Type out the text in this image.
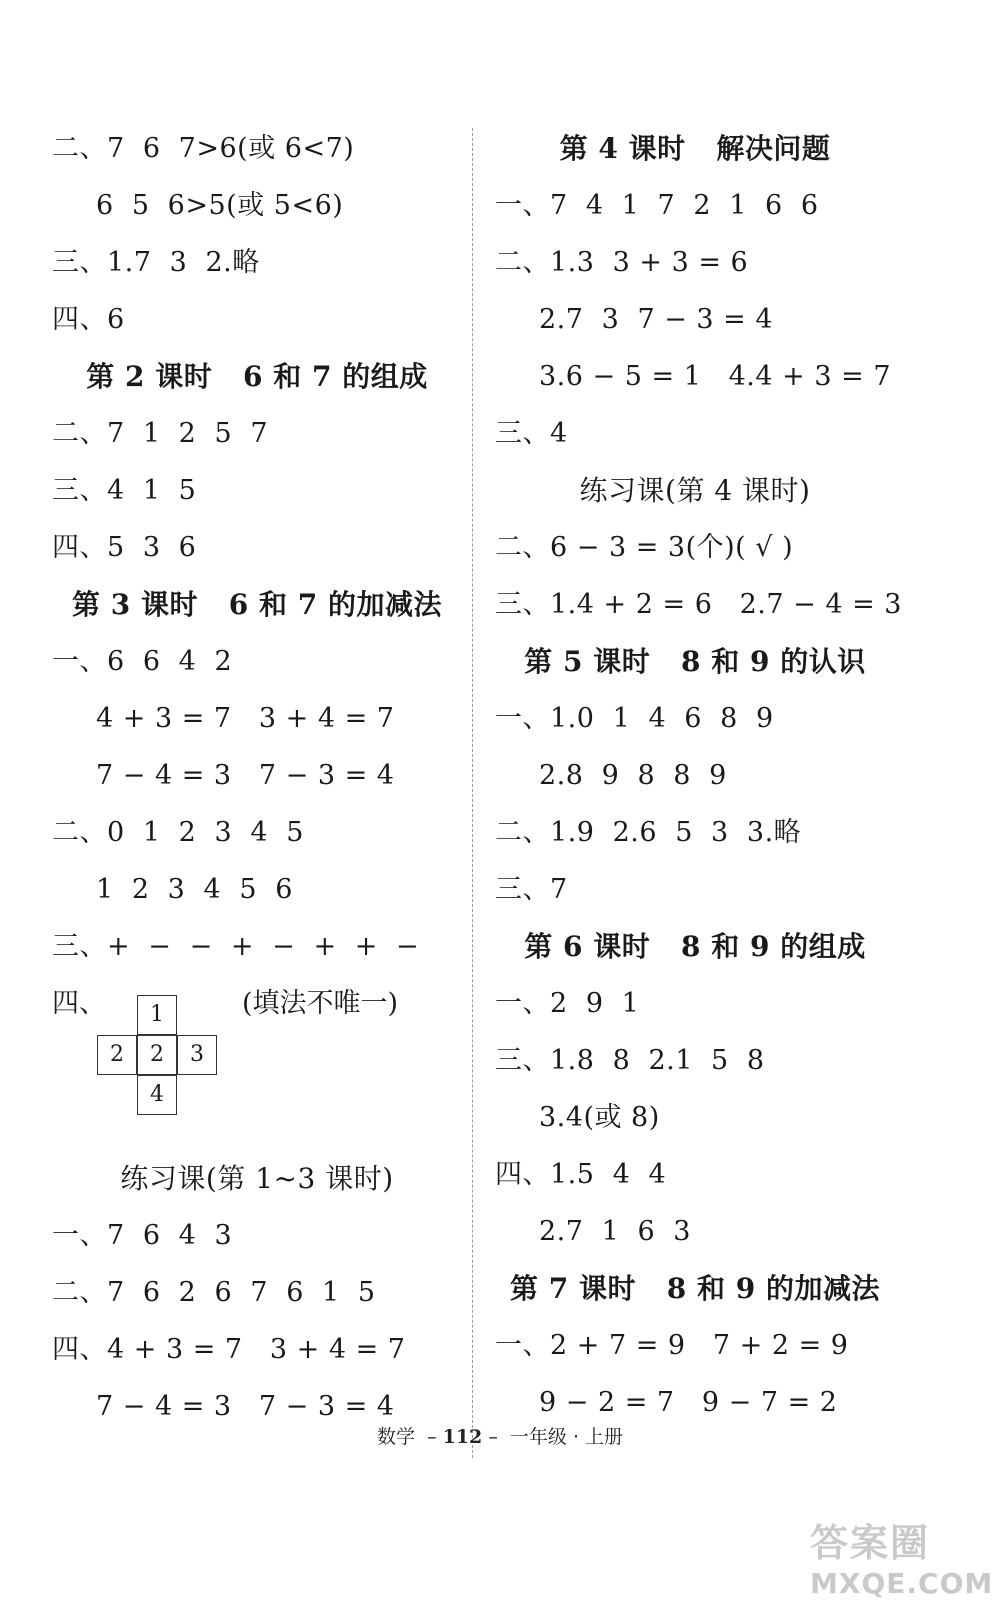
二、7  6  7>6(或 6<7)
6  5  6>5(或 5<6)
三、1.7  3  2.略
四、6
第 2 课时   6 和 7 的组成
二、7  1  2  5  7
三、4  1  5
四、5  3  6
第 3 课时   6 和 7 的加减法
一、6  6  4  2
4 + 3 = 7   3 + 4 = 7
7 − 4 = 3   7 − 3 = 4
二、0  1  2  3  4  5
1  2  3  4  5  6
三、+  −  −  +  −  +  +  −
四、	(填法不唯一)
1
2	2	3
4
练习课(第 1~3 课时)
一、7  6  4  3
二、7  6  2  6  7  6  1  5
四、4 + 3 = 7   3 + 4 = 7
7 − 4 = 3   7 − 3 = 4
第 4 课时   解决问题
一、7  4  1  7  2  1  6  6
二、1.3  3 + 3 = 6
2.7  3  7 − 3 = 4
3.6 − 5 = 1   4.4 + 3 = 7
三、4
练习课(第 4 课时)
二、6 − 3 = 3(个)( √ )
三、1.4 + 2 = 6   2.7 − 4 = 3
第 5 课时   8 和 9 的认识
一、1.0  1  4  6  8  9
2.8  9  8  8  9
二、1.9  2.6  5  3  3.略
三、7
第 6 课时   8 和 9 的组成
一、2  9  1
三、1.8  8  2.1  5  8
3.4(或 8)
四、1.5  4  4
2.7  1  6  3
第 7 课时   8 和 9 的加减法
一、2 + 7 = 9   7 + 2 = 9
9 − 2 = 7   9 − 7 = 2
数学  – 112 –  一年级 · 上册
答案圈
MXQE.COM
